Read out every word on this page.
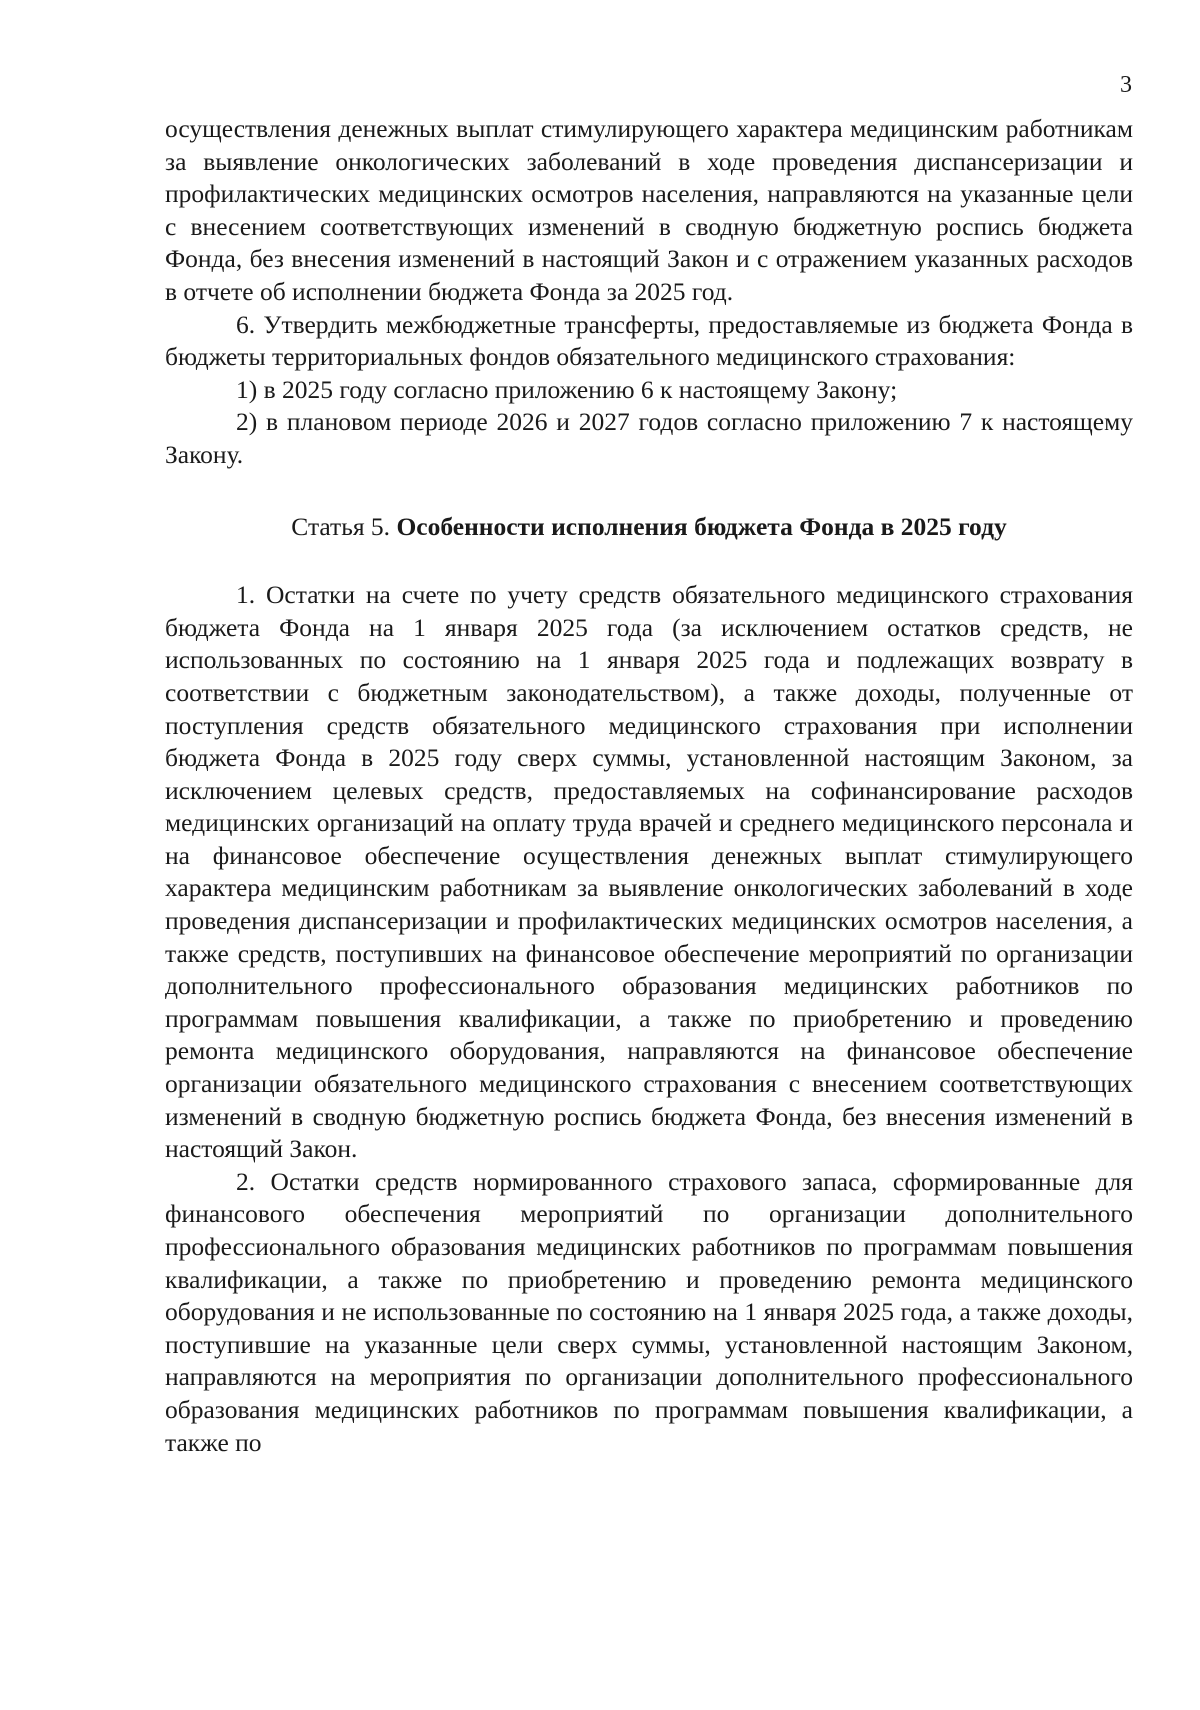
3

осуществления денежных выплат стимулирующего характера медицинским работникам за выявление онкологических заболеваний в ходе проведения диспансеризации и профилактических медицинских осмотров населения, направляются на указанные цели с внесением соответствующих изменений в сводную бюджетную роспись бюджета Фонда, без внесения изменений в настоящий Закон и с отражением указанных расходов в отчете об исполнении бюджета Фонда за 2025 год.

6. Утвердить межбюджетные трансферты, предоставляемые из бюджета Фонда в бюджеты территориальных фондов обязательного медицинского страхования:

1) в 2025 году согласно приложению 6 к настоящему Закону;

2) в плановом периоде 2026 и 2027 годов согласно приложению 7 к настоящему Закону.

Статья 5. Особенности исполнения бюджета Фонда в 2025 году

1. Остатки на счете по учету средств обязательного медицинского страхования бюджета Фонда на 1 января 2025 года (за исключением остатков средств, не использованных по состоянию на 1 января 2025 года и подлежащих возврату в соответствии с бюджетным законодательством), а также доходы, полученные от поступления средств обязательного медицинского страхования при исполнении бюджета Фонда в 2025 году сверх суммы, установленной настоящим Законом, за исключением целевых средств, предоставляемых на софинансирование расходов медицинских организаций на оплату труда врачей и среднего медицинского персонала и на финансовое обеспечение осуществления денежных выплат стимулирующего характера медицинским работникам за выявление онкологических заболеваний в ходе проведения диспансеризации и профилактических медицинских осмотров населения, а также средств, поступивших на финансовое обеспечение мероприятий по организации дополнительного профессионального образования медицинских работников по программам повышения квалификации, а также по приобретению и проведению ремонта медицинского оборудования, направляются на финансовое обеспечение организации обязательного медицинского страхования с внесением соответствующих изменений в сводную бюджетную роспись бюджета Фонда, без внесения изменений в настоящий Закон.

2. Остатки средств нормированного страхового запаса, сформированные для финансового обеспечения мероприятий по организации дополнительного профессионального образования медицинских работников по программам повышения квалификации, а также по приобретению и проведению ремонта медицинского оборудования и не использованные по состоянию на 1 января 2025 года, а также доходы, поступившие на указанные цели сверх суммы, установленной настоящим Законом, направляются на мероприятия по организации дополнительного профессионального образования медицинских работников по программам повышения квалификации, а также по
